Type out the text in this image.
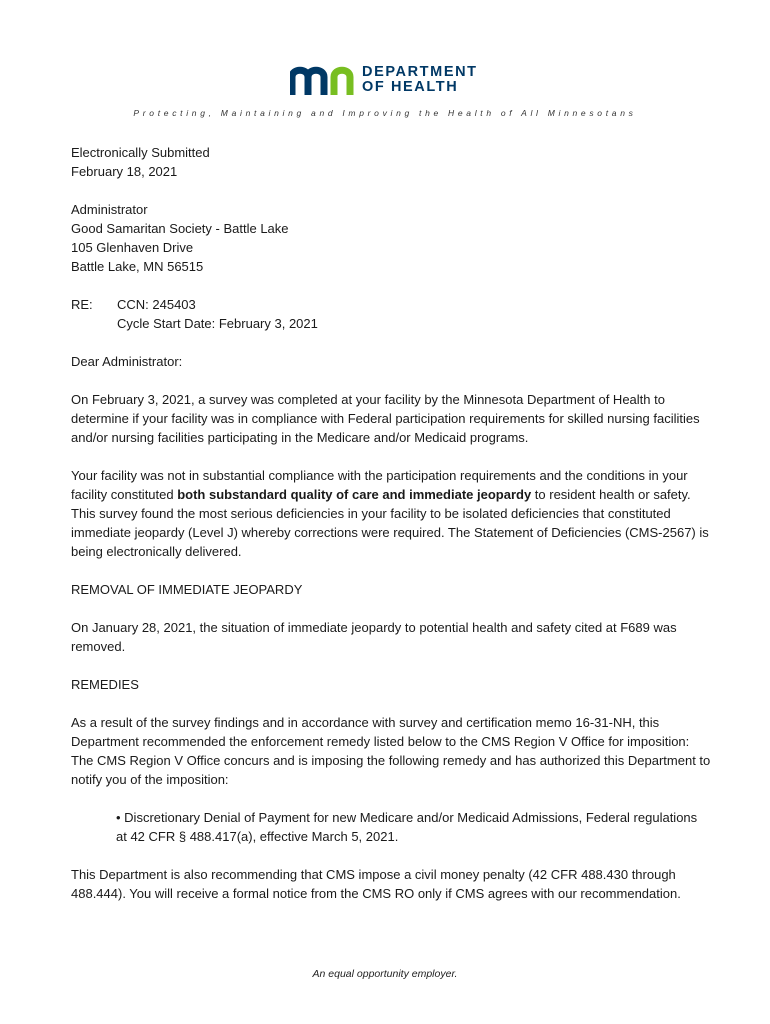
DEPARTMENT
OF HEALTH
Protecting, Maintaining and Improving the Health of All Minnesotans

Electronically Submitted

February 18, 2021

Administrator

Good Samaritan Society - Battle Lake

105 Glenhaven Drive

Battle Lake, MN 56515

RE:	CCN: 245403

Cycle Start Date: February 3, 2021

Dear Administrator:

On February 3, 2021, a survey was completed at your facility by the Minnesota Department of Health to determine if your facility was in compliance with Federal participation requirements for skilled nursing facilities and/or nursing facilities participating in the Medicare and/or Medicaid programs.

Your facility was not in substantial compliance with the participation requirements and the conditions in your facility constituted both substandard quality of care and immediate jeopardy to resident health or safety. This survey found the most serious deficiencies in your facility to be isolated deficiencies that constituted immediate jeopardy (Level J) whereby corrections were required. The Statement of Deficiencies (CMS-2567) is being electronically delivered.

REMOVAL OF IMMEDIATE JEOPARDY

On January 28, 2021, the situation of immediate jeopardy to potential health and safety cited at F689 was removed.

REMEDIES

As a result of the survey findings and in accordance with survey and certification memo 16-31-NH, this Department recommended the enforcement remedy listed below to the CMS Region V Office for imposition: The CMS Region V Office concurs and is imposing the following remedy and has authorized this Department to notify you of the imposition:

• Discretionary Denial of Payment for new Medicare and/or Medicaid Admissions, Federal regulations at 42 CFR § 488.417(a), effective March 5, 2021.

This Department is also recommending that CMS impose a civil money penalty (42 CFR 488.430 through 488.444). You will receive a formal notice from the CMS RO only if CMS agrees with our recommendation.

An equal opportunity employer.
